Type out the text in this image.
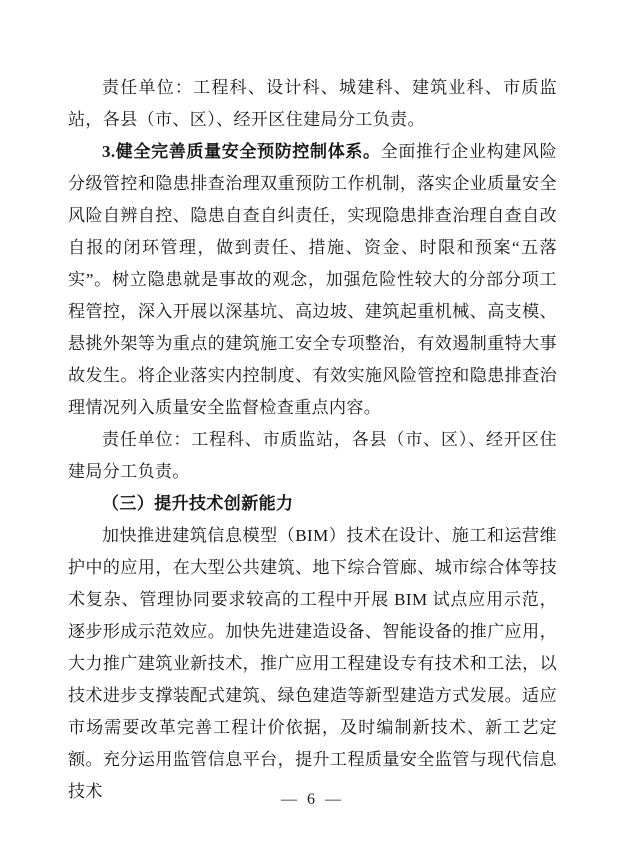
责任单位：工程科、设计科、城建科、建筑业科、市质监站，各县（市、区）、经开区住建局分工负责。

3.健全完善质量安全预防控制体系。全面推行企业构建风险分级管控和隐患排查治理双重预防工作机制，落实企业质量安全风险自辨自控、隐患自查自纠责任，实现隐患排查治理自查自改自报的闭环管理，做到责任、措施、资金、时限和预案“五落实”。树立隐患就是事故的观念，加强危险性较大的分部分项工程管控，深入开展以深基坑、高边坡、建筑起重机械、高支模、悬挑外架等为重点的建筑施工安全专项整治，有效遏制重特大事故发生。将企业落实内控制度、有效实施风险管控和隐患排查治理情况列入质量安全监督检查重点内容。

责任单位：工程科、市质监站，各县（市、区）、经开区住建局分工负责。

（三）提升技术创新能力

加快推进建筑信息模型（BIM）技术在设计、施工和运营维护中的应用，在大型公共建筑、地下综合管廊、城市综合体等技术复杂、管理协同要求较高的工程中开展 BIM 试点应用示范，逐步形成示范效应。加快先进建造设备、智能设备的推广应用，大力推广建筑业新技术，推广应用工程建设专有技术和工法，以技术进步支撑装配式建筑、绿色建造等新型建造方式发展。适应市场需要改革完善工程计价依据，及时编制新技术、新工艺定额。充分运用监管信息平台，提升工程质量安全监管与现代信息技术	— 6 —
